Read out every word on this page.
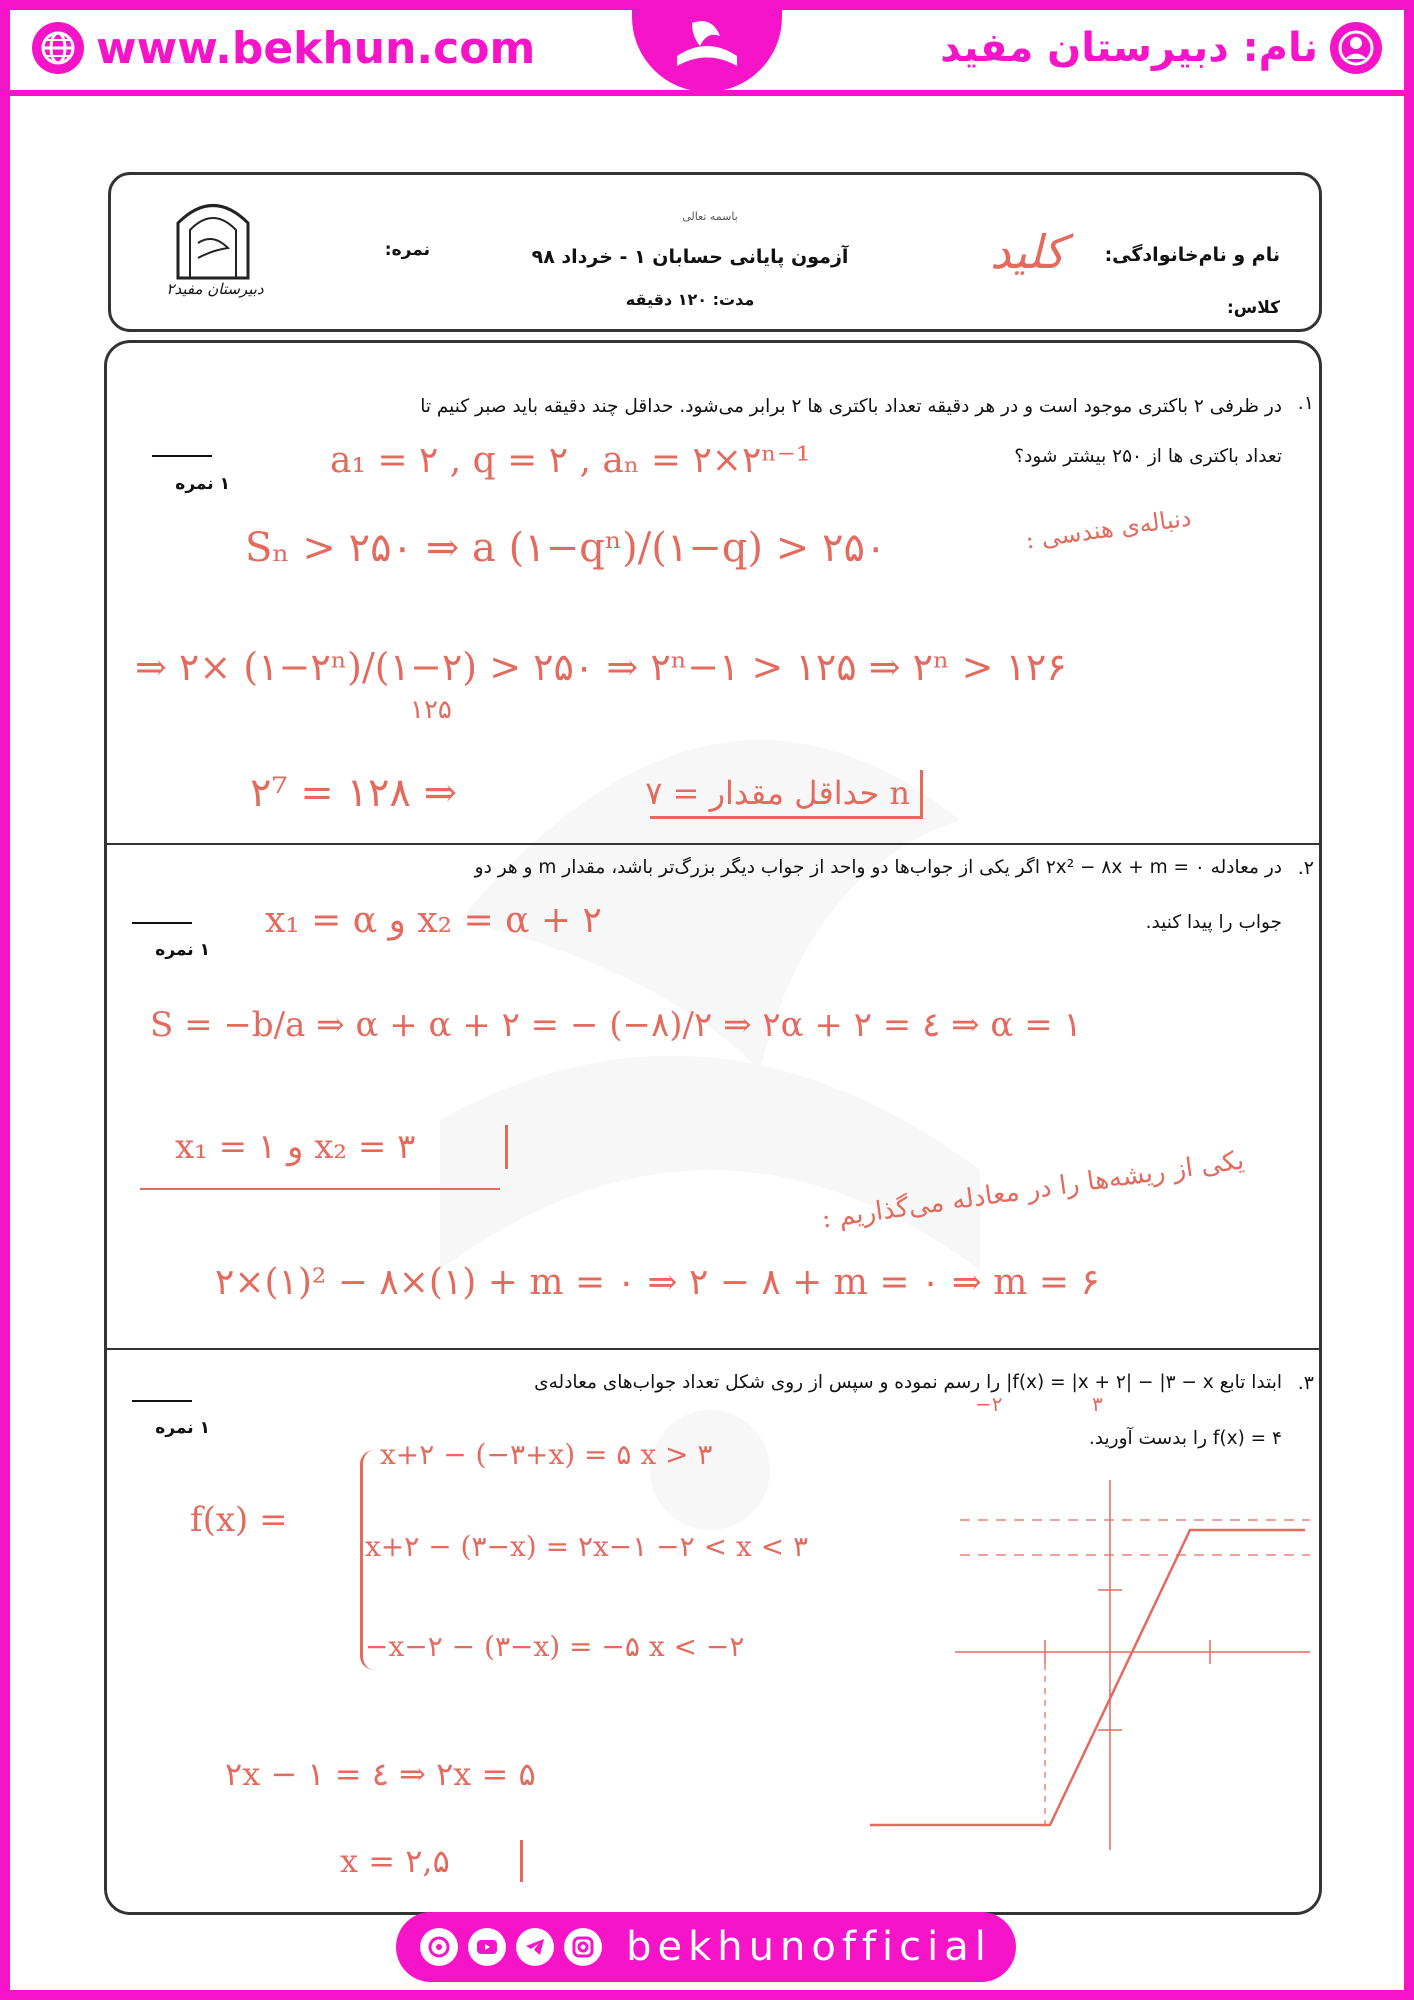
www.bekhun.com	نام: دبیرستان مفید
دبیرستان مفید۲
نمره:
باسمه تعالی
آزمون پایانی حسابان ۱ - خرداد ۹۸
مدت: ۱۲۰ دقیقه
نام و نام‌خانوادگی:
کلاس:
کلید
۱.
در ظرفی ۲ باکتری موجود است و در هر دقیقه تعداد باکتری ها ۲ برابر می‌شود. حداقل چند دقیقه باید صبر کنیم تا
تعداد باکتری ها از ۲۵۰ بیشتر شود؟
۱ نمره
a₁ = ۲ , q = ۲ , aₙ = ۲×۲ⁿ⁻¹
دنباله‌ی هندسی :
Sₙ > ۲۵۰ ⇒ a (۱−qⁿ)/(۱−q) > ۲۵۰
⇒ ۲× (۱−۲ⁿ)/(۱−۲) > ۲۵۰ ⇒ ۲ⁿ−۱ > ۱۲۵ ⇒ ۲ⁿ > ۱۲۶
۱۲۵
۲⁷ = ۱۲۸ ⇒	n حداقل مقدار = ۷
۲.
در معادله ۰ = ۲x² − ۸x + m اگر یکی از جواب‌ها دو واحد از جواب دیگر بزرگ‌تر باشد، مقدار m و هر دو
جواب را پیدا کنید.
۱ نمره
x₁ = α و x₂ = α + ۲
S = −b/a ⇒ α + α + ۲ = − (−۸)/۲ ⇒ ۲α + ۲ = ٤ ⇒ α = ۱
x₁ = ۱ و x₂ = ۳	یکی از ریشه‌ها را در معادله می‌گذاریم :
۲×(۱)² − ۸×(۱) + m = ۰ ⇒ ۲ − ۸ + m = ۰ ⇒ m = ۶
۳.
ابتدا تابع f(x) = |x + ۲| − |۳ − x| را رسم نموده و سپس از روی شکل تعداد جواب‌های معادله‌ی
f(x) = ۴ را بدست آورید.
۱ نمره
−۲	۳
f(x) =
x+۲ − (−۳+x) = ۵ x > ۳
x+۲ − (۳−x) = ۲x−۱ −۲ < x < ۳
−x−۲ − (۳−x) = −۵ x < −۲
۲x − ۱ = ٤ ⇒ ۲x = ۵
x = ۲,۵
bekhunofficial
